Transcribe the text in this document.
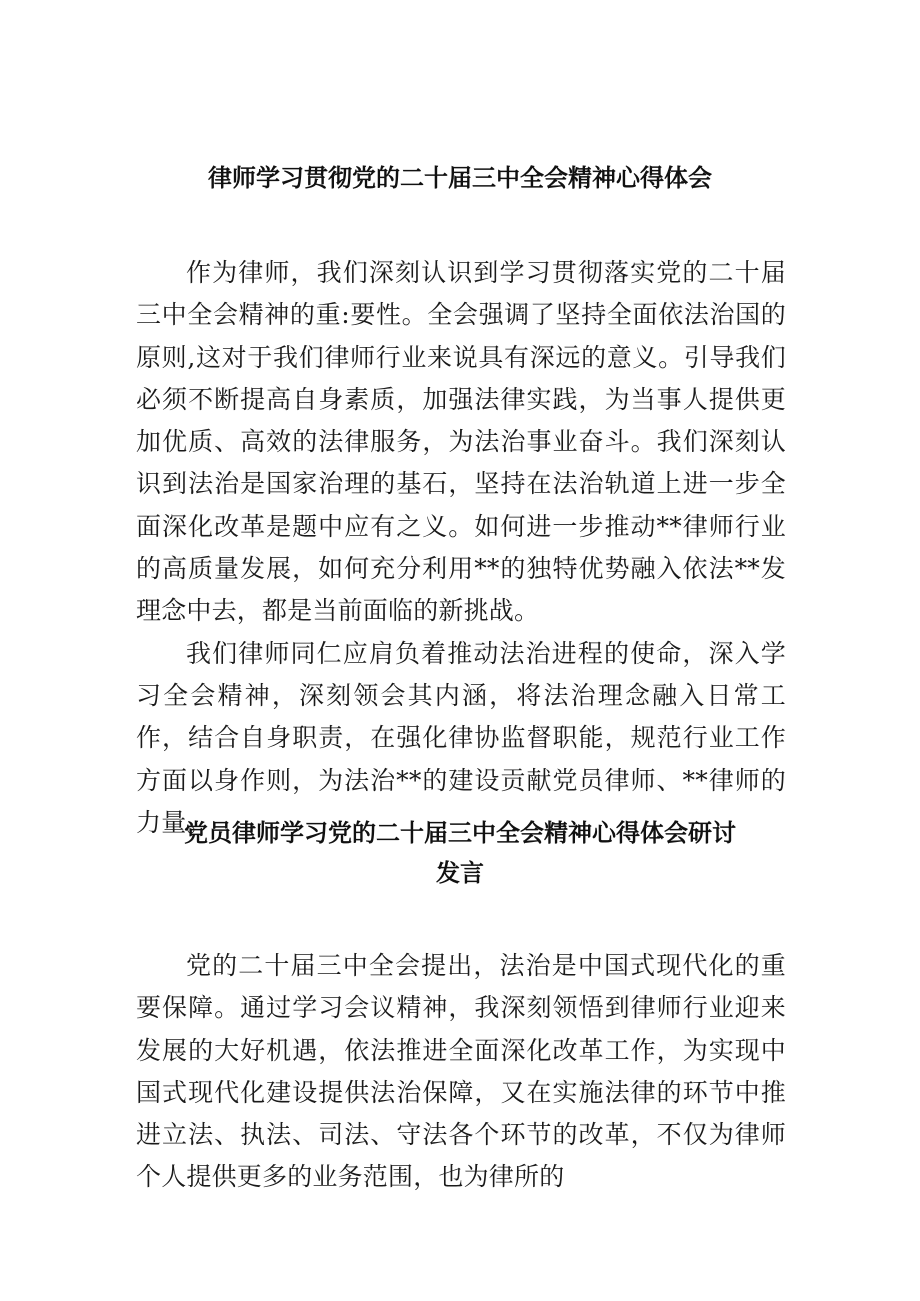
律师学习贯彻党的二十届三中全会精神心得体会

作为律师，我们深刻认识到学习贯彻落实党的二十届三中全会精神的重:要性。全会强调了坚持全面依法治国的原则,这对于我们律师行业来说具有深远的意义。引导我们必须不断提高自身素质，加强法律实践，为当事人提供更加优质、高效的法律服务，为法治事业奋斗。我们深刻认识到法治是国家治理的基石，坚持在法治轨道上进一步全面深化改革是题中应有之义。如何进一步推动**律师行业的高质量发展，如何充分利用**的独特优势融入依法**发理念中去，都是当前面临的新挑战。

我们律师同仁应肩负着推动法治进程的使命，深入学习全会精神，深刻领会其内涵，将法治理念融入日常工作，结合自身职责，在强化律协监督职能，规范行业工作方面以身作则，为法治**的建设贡献党员律师、**律师的力量。

党员律师学习党的二十届三中全会精神心得体会研讨
发言

党的二十届三中全会提出，法治是中国式现代化的重要保障。通过学习会议精神，我深刻领悟到律师行业迎来发展的大好机遇，依法推进全面深化改革工作，为实现中国式现代化建设提供法治保障，又在实施法律的环节中推进立法、执法、司法、守法各个环节的改革，不仅为律师个人提供更多的业务范围，也为律所的
